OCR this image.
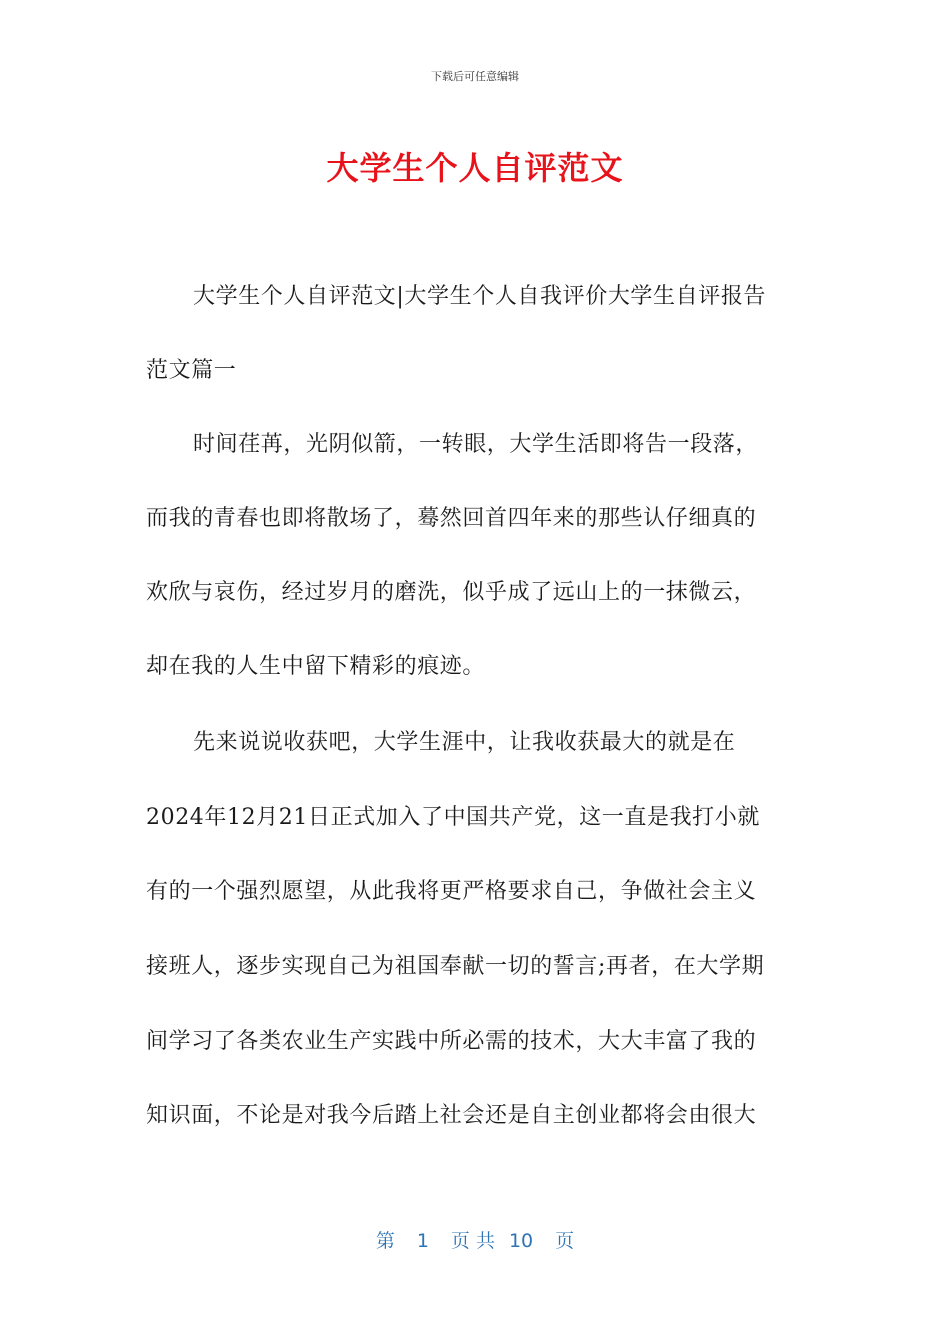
下载后可任意编辑
大学生个人自评范文
大学生个人自评范文|大学生个人自我评价大学生自评报告
范文篇一
时间荏苒，光阴似箭，一转眼，大学生活即将告一段落，
而我的青春也即将散场了，蓦然回首四年来的那些认仔细真的
欢欣与哀伤，经过岁月的磨洗，似乎成了远山上的一抹微云，
却在我的人生中留下精彩的痕迹。
先来说说收获吧，大学生涯中，让我收获最大的就是在
2024年12月21日正式加入了中国共产党，这一直是我打小就
有的一个强烈愿望，从此我将更严格要求自己，争做社会主义
接班人，逐步实现自己为祖国奉献一切的誓言;再者，在大学期
间学习了各类农业生产实践中所必需的技术，大大丰富了我的
知识面，不论是对我今后踏上社会还是自主创业都将会由很大
第 1 页 共 10 页
